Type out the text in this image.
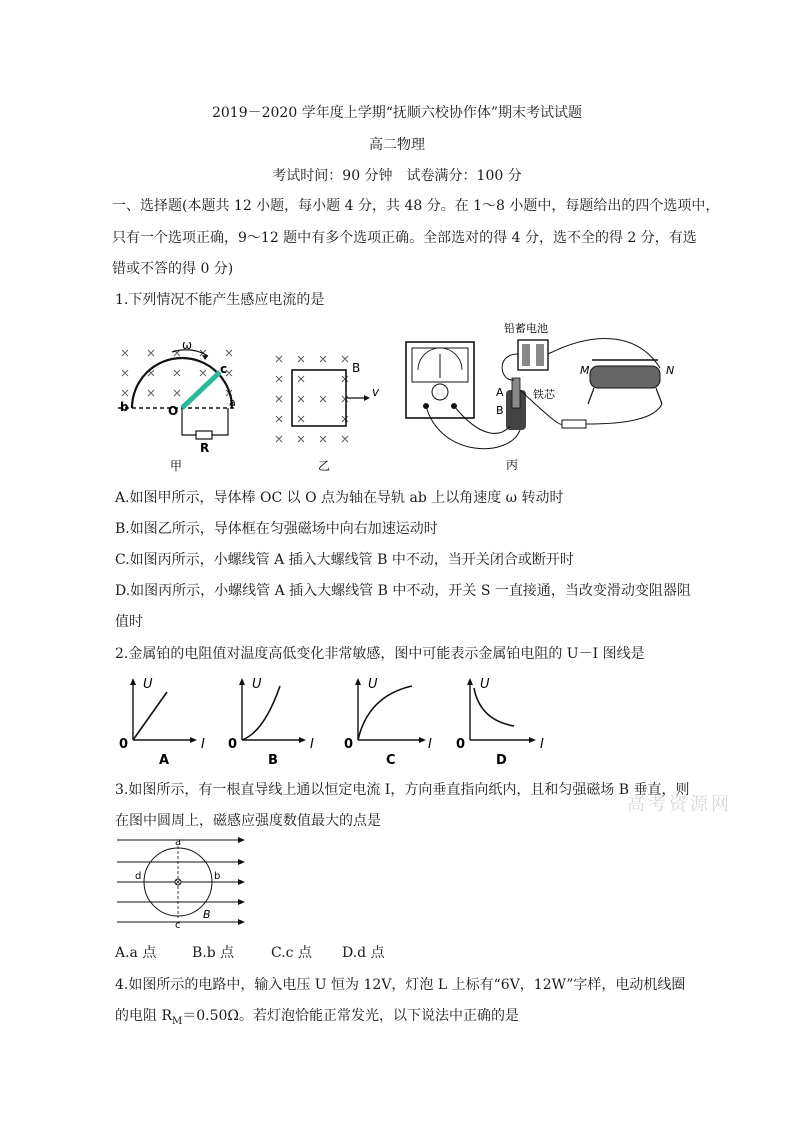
2019－2020 学年度上学期“抚顺六校协作体”期末考试试题
高二物理
考试时间：90 分钟　试卷满分：100 分
一、选择题(本题共 12 小题，每小题 4 分，共 48 分。在 1～8 小题中，每题给出的四个选项中，
只有一个选项正确，9～12 题中有多个选项正确。全部选对的得 4 分，选不全的得 2 分，有选
错或不答的得 0 分)
1.下列情况不能产生感应电流的是
ω
c
b	O
a
R
甲
B
v
乙
铅蓄电池
铁芯
A
B
M	N
丙
A.如图甲所示，导体棒 OC 以 O 点为轴在导轨 ab 上以角速度 ω 转动时
B.如图乙所示，导体框在匀强磁场中向右加速运动时
C.如图丙所示，小螺线管 A 插入大螺线管 B 中不动，当开关闭合或断开时
D.如图丙所示，小螺线管 A 插入大螺线管 B 中不动，开关 S 一直接通，当改变滑动变阻器阻
值时
2.金属铂的电阻值对温度高低变化非常敏感，图中可能表示金属铂电阻的 U－I 图线是
U
I
0
A
U
I
0
B
U
I
0
C
U
I
0
D
高考资源网
3.如图所示，有一根直导线上通以恒定电流 I，方向垂直指向纸内，且和匀强磁场 B 垂直，则
在图中圆周上，磁感应强度数值最大的点是
a
b
c
d
B
A.a 点	B.b 点	C.c 点 D.d 点
4.如图所示的电路中，输入电压 U 恒为 12V，灯泡 L 上标有“6V，12W”字样，电动机线圈
的电阻 $R_M=0.50\Omega$。若灯泡恰能正常发光，以下说法中正确的是
